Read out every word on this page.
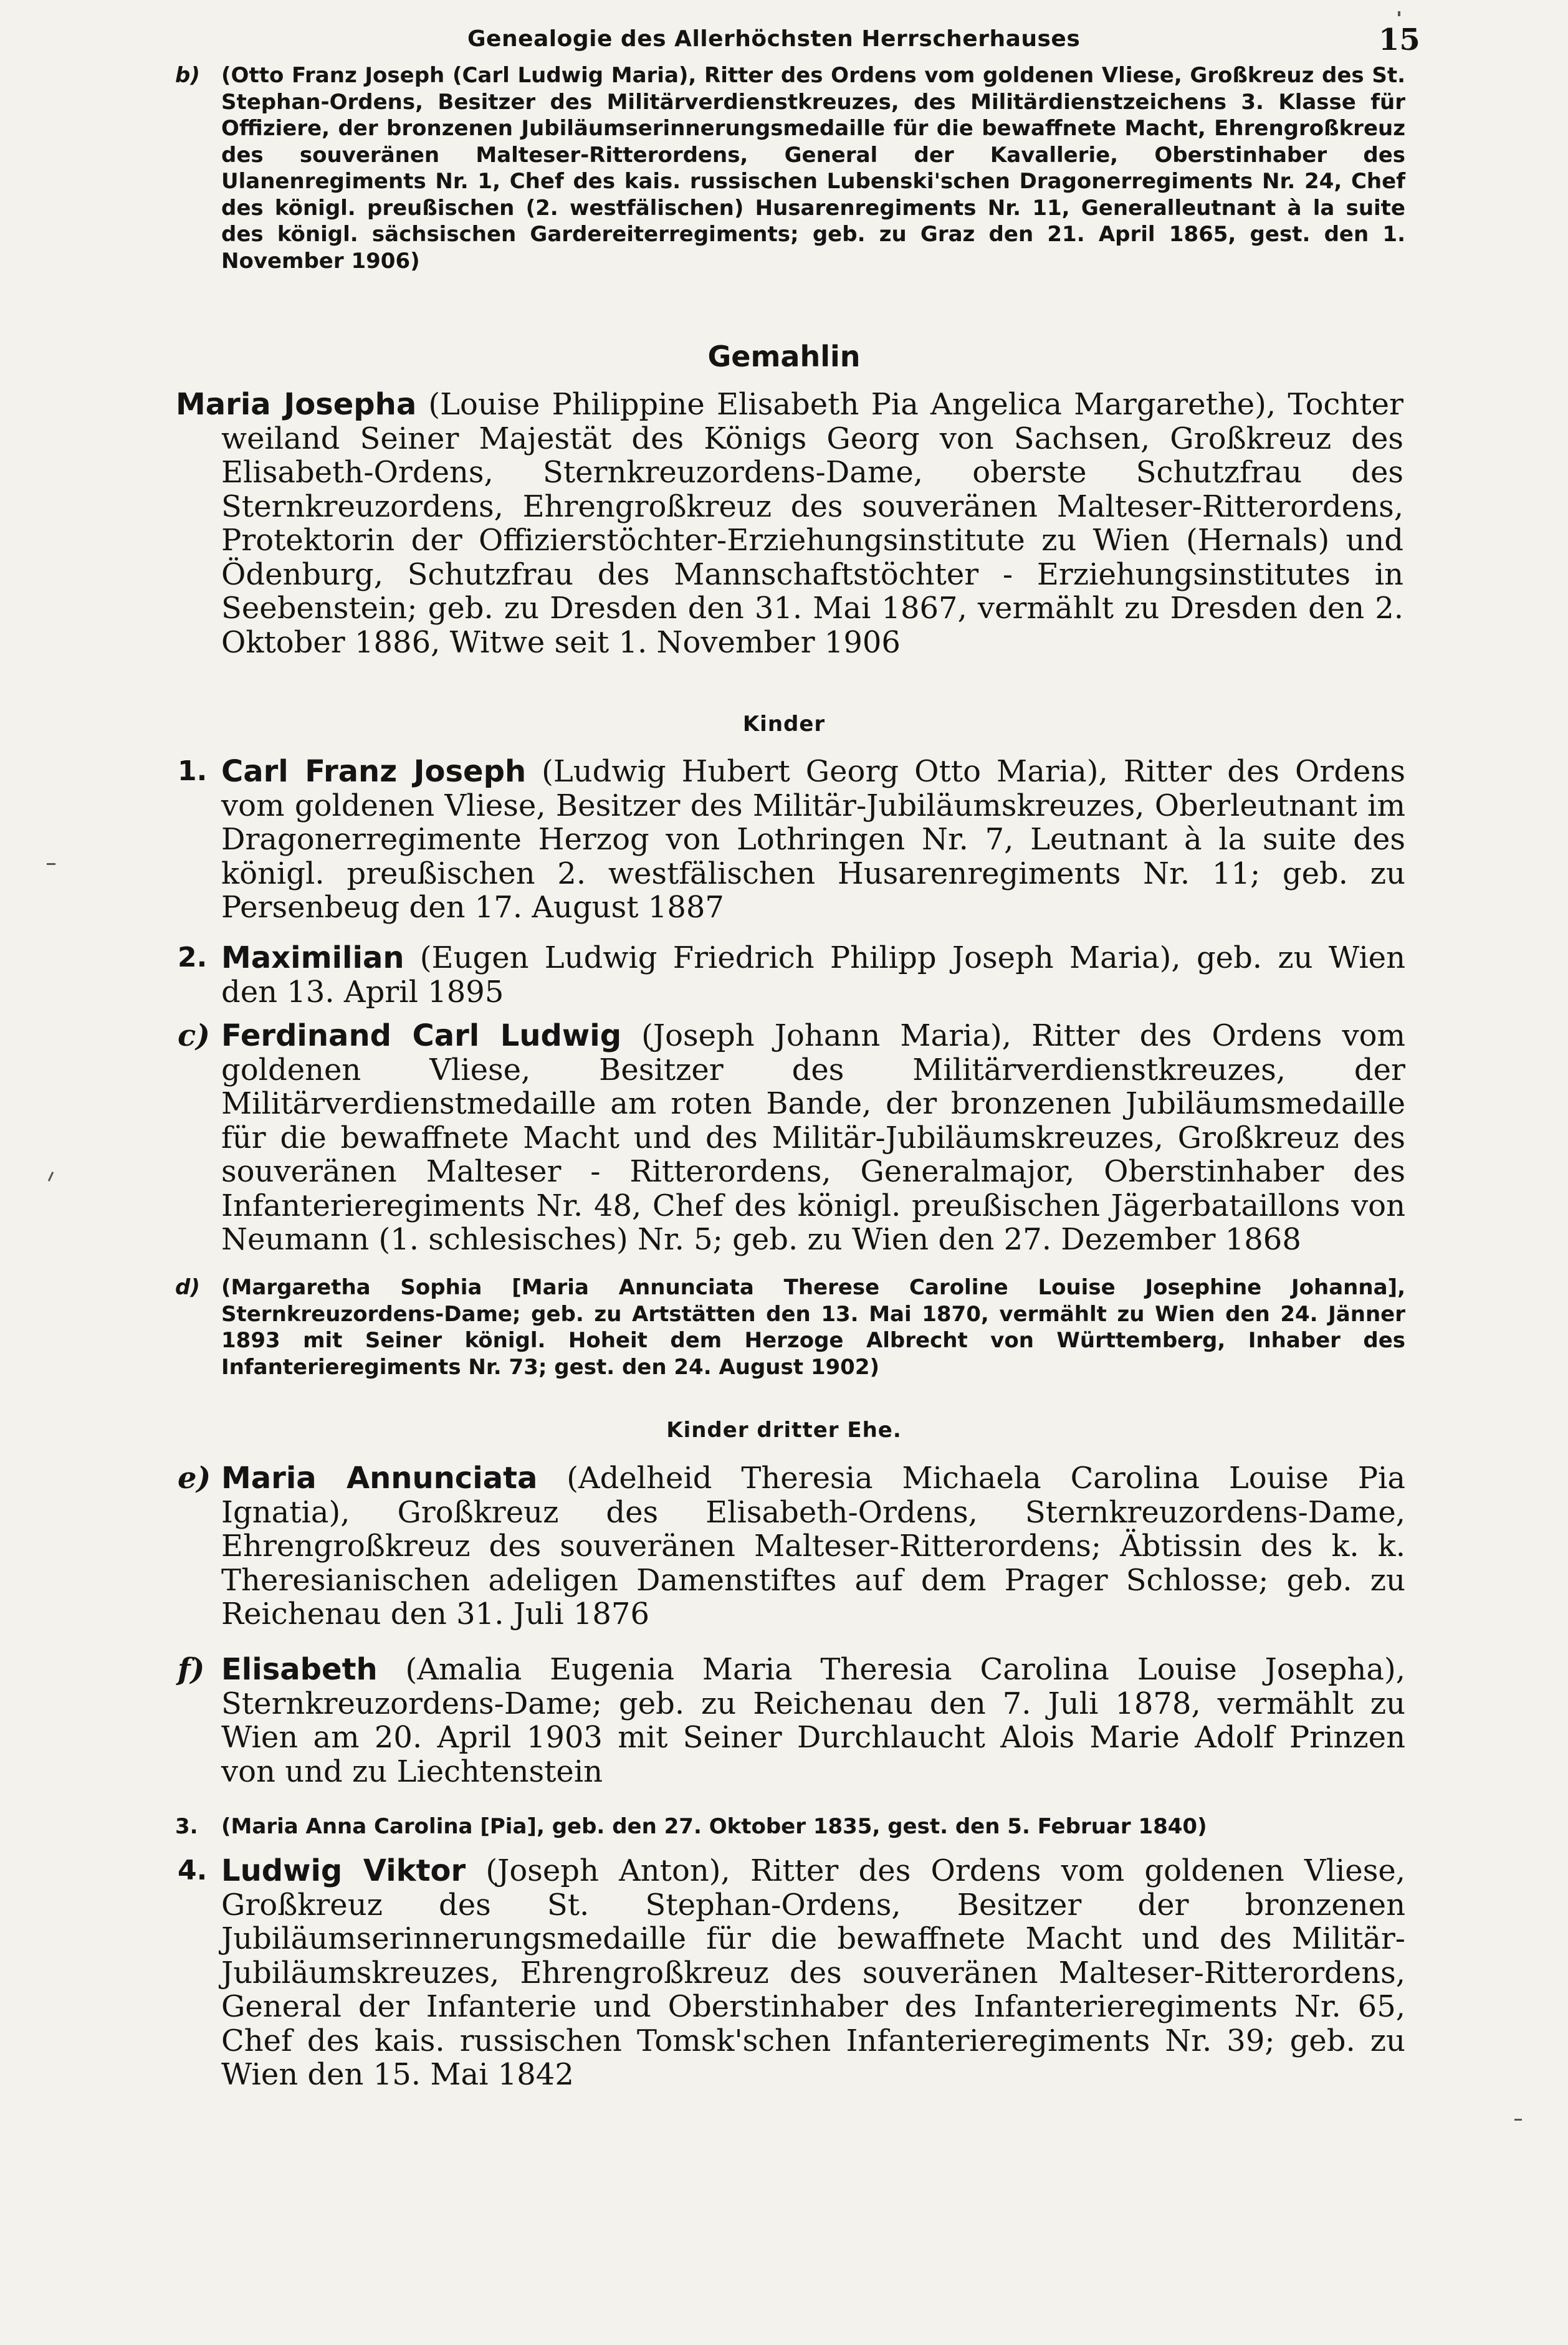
Genealogie des Allerhöchsten Herrscherhauses	15
b) (Otto Franz Joseph (Carl Ludwig Maria), Ritter des Ordens vom goldenen Vliese, Großkreuz des St. Stephan-Ordens, Besitzer des Militärverdienstkreuzes, des Militärdienstzeichens 3. Klasse für Offiziere, der bronzenen Jubiläumserinnerungsmedaille für die bewaffnete Macht, Ehrengroßkreuz des souveränen Malteser-Ritterordens, General der Kavallerie, Oberstinhaber des Ulanenregiments Nr. 1, Chef des kais. russischen Lubenski'schen Dragonerregiments Nr. 24, Chef des königl. preußischen (2. westfälischen) Husarenregiments Nr. 11, Generalleutnant à la suite des königl. sächsischen Gardereiterregiments; geb. zu Graz den 21. April 1865, gest. den 1. November 1906)
Gemahlin
Maria Josepha (Louise Philippine Elisabeth Pia Angelica Margarethe), Tochter weiland Seiner Majestät des Königs Georg von Sachsen, Großkreuz des Elisabeth-Ordens, Sternkreuzordens-Dame, oberste Schutzfrau des Sternkreuzordens, Ehrengroßkreuz des souveränen Malteser-Ritterordens, Protektorin der Offizierstöchter-Erziehungsinstitute zu Wien (Hernals) und Ödenburg, Schutzfrau des Mannschaftstöchter - Erziehungsinstitutes in Seebenstein; geb. zu Dresden den 31. Mai 1867, vermählt zu Dresden den 2. Oktober 1886, Witwe seit 1. November 1906
Kinder
1. Carl Franz Joseph (Ludwig Hubert Georg Otto Maria), Ritter des Ordens vom goldenen Vliese, Besitzer des Militär-Jubiläumskreuzes, Oberleutnant im Dragonerregimente Herzog von Lothringen Nr. 7, Leutnant à la suite des königl. preußischen 2. westfälischen Husarenregiments Nr. 11; geb. zu Persenbeug den 17. August 1887
2. Maximilian (Eugen Ludwig Friedrich Philipp Joseph Maria), geb. zu Wien den 13. April 1895
c) Ferdinand Carl Ludwig (Joseph Johann Maria), Ritter des Ordens vom goldenen Vliese, Besitzer des Militärverdienstkreuzes, der Militärverdienstmedaille am roten Bande, der bronzenen Jubiläumsmedaille für die bewaffnete Macht und des Militär-Jubiläumskreuzes, Großkreuz des souveränen Malteser - Ritterordens, Generalmajor, Oberstinhaber des Infanterieregiments Nr. 48, Chef des königl. preußischen Jägerbataillons von Neumann (1. schlesisches) Nr. 5; geb. zu Wien den 27. Dezember 1868
d) (Margaretha Sophia [Maria Annunciata Therese Caroline Louise Josephine Johanna], Sternkreuzordens-Dame; geb. zu Artstätten den 13. Mai 1870, vermählt zu Wien den 24. Jänner 1893 mit Seiner königl. Hoheit dem Herzoge Albrecht von Württemberg, Inhaber des Infanterieregiments Nr. 73; gest. den 24. August 1902)
Kinder dritter Ehe.
e) Maria Annunciata (Adelheid Theresia Michaela Carolina Louise Pia Ignatia), Großkreuz des Elisabeth-Ordens, Sternkreuzordens-Dame, Ehrengroßkreuz des souveränen Malteser-Ritterordens; Äbtissin des k. k. Theresianischen adeligen Damenstiftes auf dem Prager Schlosse; geb. zu Reichenau den 31. Juli 1876
f) Elisabeth (Amalia Eugenia Maria Theresia Carolina Louise Josepha), Sternkreuzordens-Dame; geb. zu Reichenau den 7. Juli 1878, vermählt zu Wien am 20. April 1903 mit Seiner Durchlaucht Alois Marie Adolf Prinzen von und zu Liechtenstein
3. (Maria Anna Carolina [Pia], geb. den 27. Oktober 1835, gest. den 5. Februar 1840)
4. Ludwig Viktor (Joseph Anton), Ritter des Ordens vom goldenen Vliese, Großkreuz des St. Stephan-Ordens, Besitzer der bronzenen Jubiläumserinnerungsmedaille für die bewaffnete Macht und des Militär-Jubiläumskreuzes, Ehrengroßkreuz des souveränen Malteser-Ritterordens, General der Infanterie und Oberstinhaber des Infanterieregiments Nr. 65, Chef des kais. russischen Tomsk'schen Infanterieregiments Nr. 39; geb. zu Wien den 15. Mai 1842
